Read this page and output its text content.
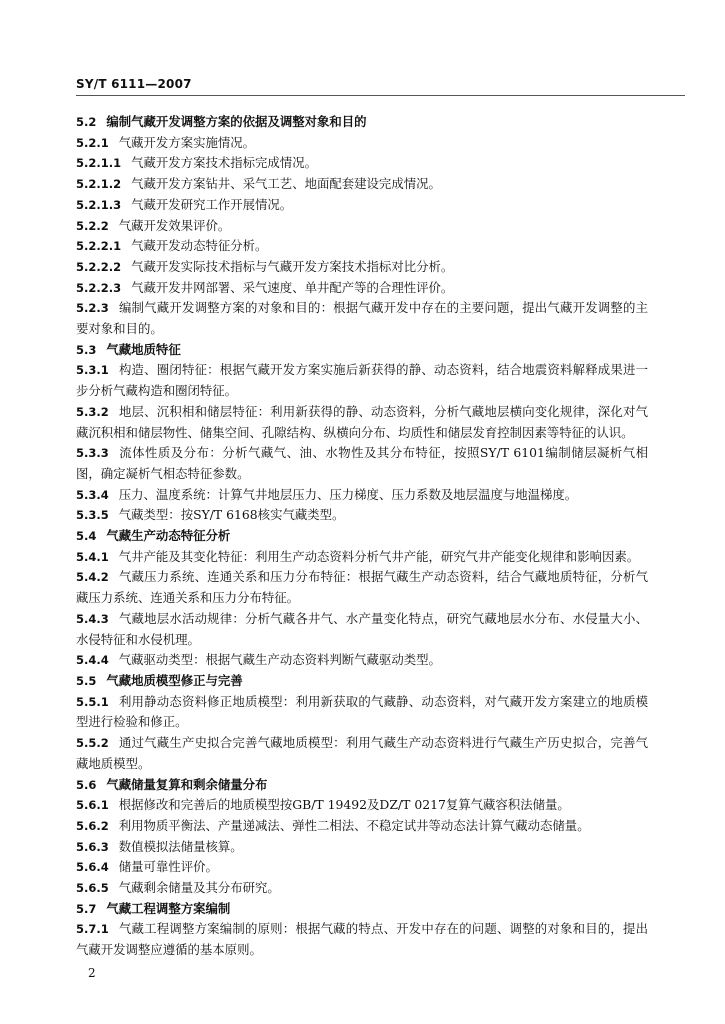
SY/T 6111—2007
5.2 编制气藏开发调整方案的依据及调整对象和目的
5.2.1 气藏开发方案实施情况。
5.2.1.1 气藏开发方案技术指标完成情况。
5.2.1.2 气藏开发方案钻井、采气工艺、地面配套建设完成情况。
5.2.1.3 气藏开发研究工作开展情况。
5.2.2 气藏开发效果评价。
5.2.2.1 气藏开发动态特征分析。
5.2.2.2 气藏开发实际技术指标与气藏开发方案技术指标对比分析。
5.2.2.3 气藏开发井网部署、采气速度、单井配产等的合理性评价。
5.2.3 编制气藏开发调整方案的对象和目的：根据气藏开发中存在的主要问题，提出气藏开发调整的主要对象和目的。
5.3 气藏地质特征
5.3.1 构造、圈闭特征：根据气藏开发方案实施后新获得的静、动态资料，结合地震资料解释成果进一步分析气藏构造和圈闭特征。
5.3.2 地层、沉积相和储层特征：利用新获得的静、动态资料，分析气藏地层横向变化规律，深化对气藏沉积相和储层物性、储集空间、孔隙结构、纵横向分布、均质性和储层发育控制因素等特征的认识。
5.3.3 流体性质及分布：分析气藏气、油、水物性及其分布特征，按照SY/T 6101编制储层凝析气相图，确定凝析气相态特征参数。
5.3.4 压力、温度系统：计算气井地层压力、压力梯度、压力系数及地层温度与地温梯度。
5.3.5 气藏类型：按SY/T 6168核实气藏类型。
5.4 气藏生产动态特征分析
5.4.1 气井产能及其变化特征：利用生产动态资料分析气井产能，研究气井产能变化规律和影响因素。
5.4.2 气藏压力系统、连通关系和压力分布特征：根据气藏生产动态资料，结合气藏地质特征，分析气藏压力系统、连通关系和压力分布特征。
5.4.3 气藏地层水活动规律：分析气藏各井气、水产量变化特点，研究气藏地层水分布、水侵量大小、水侵特征和水侵机理。
5.4.4 气藏驱动类型：根据气藏生产动态资料判断气藏驱动类型。
5.5 气藏地质模型修正与完善
5.5.1 利用静动态资料修正地质模型：利用新获取的气藏静、动态资料，对气藏开发方案建立的地质模型进行检验和修正。
5.5.2 通过气藏生产史拟合完善气藏地质模型：利用气藏生产动态资料进行气藏生产历史拟合，完善气藏地质模型。
5.6 气藏储量复算和剩余储量分布
5.6.1 根据修改和完善后的地质模型按GB/T 19492及DZ/T 0217复算气藏容积法储量。
5.6.2 利用物质平衡法、产量递减法、弹性二相法、不稳定试井等动态法计算气藏动态储量。
5.6.3 数值模拟法储量核算。
5.6.4 储量可靠性评价。
5.6.5 气藏剩余储量及其分布研究。
5.7 气藏工程调整方案编制
5.7.1 气藏工程调整方案编制的原则：根据气藏的特点、开发中存在的问题、调整的对象和目的，提出气藏开发调整应遵循的基本原则。
2
